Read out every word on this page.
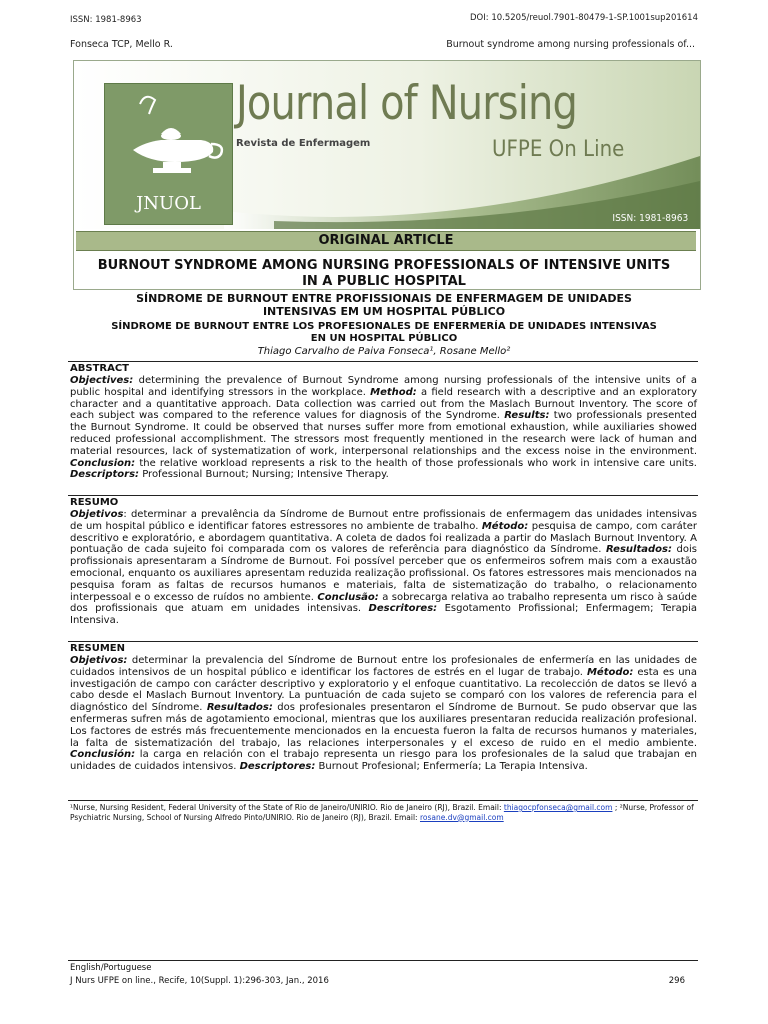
ISSN: 1981-8963	DOI: 10.5205/reuol.7901-80479-1-SP.1001sup201614
Fonseca TCP, Mello R.	Burnout syndrome among nursing professionals of...
JNUOL
Journal of Nursing
Revista de Enfermagem	UFPE On Line
ISSN: 1981-8963
ORIGINAL ARTICLE
BURNOUT SYNDROME AMONG NURSING PROFESSIONALS OF INTENSIVE UNITS
IN A PUBLIC HOSPITAL
SÍNDROME DE BURNOUT ENTRE PROFISSIONAIS DE ENFERMAGEM DE UNIDADES
INTENSIVAS EM UM HOSPITAL PÚBLICO
SÍNDROME DE BURNOUT ENTRE LOS PROFESIONALES DE ENFERMERÍA DE UNIDADES INTENSIVAS
EN UN HOSPITAL PÚBLICO
Thiago Carvalho de Paiva Fonseca¹, Rosane Mello²
ABSTRACT
Objectives: determining the prevalence of Burnout Syndrome among nursing professionals of the intensive units of a public hospital and identifying stressors in the workplace. Method: a field research with a descriptive and an exploratory character and a quantitative approach. Data collection was carried out from the Maslach Burnout Inventory. The score of each subject was compared to the reference values for diagnosis of the Syndrome. Results: two professionals presented the Burnout Syndrome. It could be observed that nurses suffer more from emotional exhaustion, while auxiliaries showed reduced professional accomplishment. The stressors most frequently mentioned in the research were lack of human and material resources, lack of systematization of work, interpersonal relationships and the excess noise in the environment. Conclusion: the relative workload represents a risk to the health of those professionals who work in intensive care units. Descriptors: Professional Burnout; Nursing; Intensive Therapy.
RESUMO
Objetivos: determinar a prevalência da Síndrome de Burnout entre profissionais de enfermagem das unidades intensivas de um hospital público e identificar fatores estressores no ambiente de trabalho. Método: pesquisa de campo, com caráter descritivo e exploratório, e abordagem quantitativa. A coleta de dados foi realizada a partir do Maslach Burnout Inventory. A pontuação de cada sujeito foi comparada com os valores de referência para diagnóstico da Síndrome. Resultados: dois profissionais apresentaram a Síndrome de Burnout. Foi possível perceber que os enfermeiros sofrem mais com a exaustão emocional, enquanto os auxiliares apresentam reduzida realização profissional. Os fatores estressores mais mencionados na pesquisa foram as faltas de recursos humanos e materiais, falta de sistematização do trabalho, o relacionamento interpessoal e o excesso de ruídos no ambiente. Conclusão: a sobrecarga relativa ao trabalho representa um risco à saúde dos profissionais que atuam em unidades intensivas. Descritores: Esgotamento Profissional; Enfermagem; Terapia Intensiva.
RESUMEN
Objetivos: determinar la prevalencia del Síndrome de Burnout entre los profesionales de enfermería en las unidades de cuidados intensivos de un hospital público e identificar los factores de estrés en el lugar de trabajo. Método: esta es una investigación de campo con carácter descriptivo y exploratorio y el enfoque cuantitativo. La recolección de datos se llevó a cabo desde el Maslach Burnout Inventory. La puntuación de cada sujeto se comparó con los valores de referencia para el diagnóstico del Síndrome. Resultados: dos profesionales presentaron el Síndrome de Burnout. Se pudo observar que las enfermeras sufren más de agotamiento emocional, mientras que los auxiliares presentaran reducida realización profesional. Los factores de estrés más frecuentemente mencionados en la encuesta fueron la falta de recursos humanos y materiales, la falta de sistematización del trabajo, las relaciones interpersonales y el exceso de ruido en el medio ambiente. Conclusión: la carga en relación con el trabajo representa un riesgo para los profesionales de la salud que trabajan en unidades de cuidados intensivos. Descriptores: Burnout Profesional; Enfermería; La Terapia Intensiva.
¹Nurse, Nursing Resident, Federal University of the State of Rio de Janeiro/UNIRIO. Rio de Janeiro (RJ), Brazil. Email: thiagocpfonseca@gmail.com ; ²Nurse, Professor of Psychiatric Nursing, School of Nursing Alfredo Pinto/UNIRIO. Rio de Janeiro (RJ), Brazil. Email: rosane.dv@gmail.com
English/Portuguese
J Nurs UFPE on line., Recife, 10(Suppl. 1):296-303, Jan., 2016	296
